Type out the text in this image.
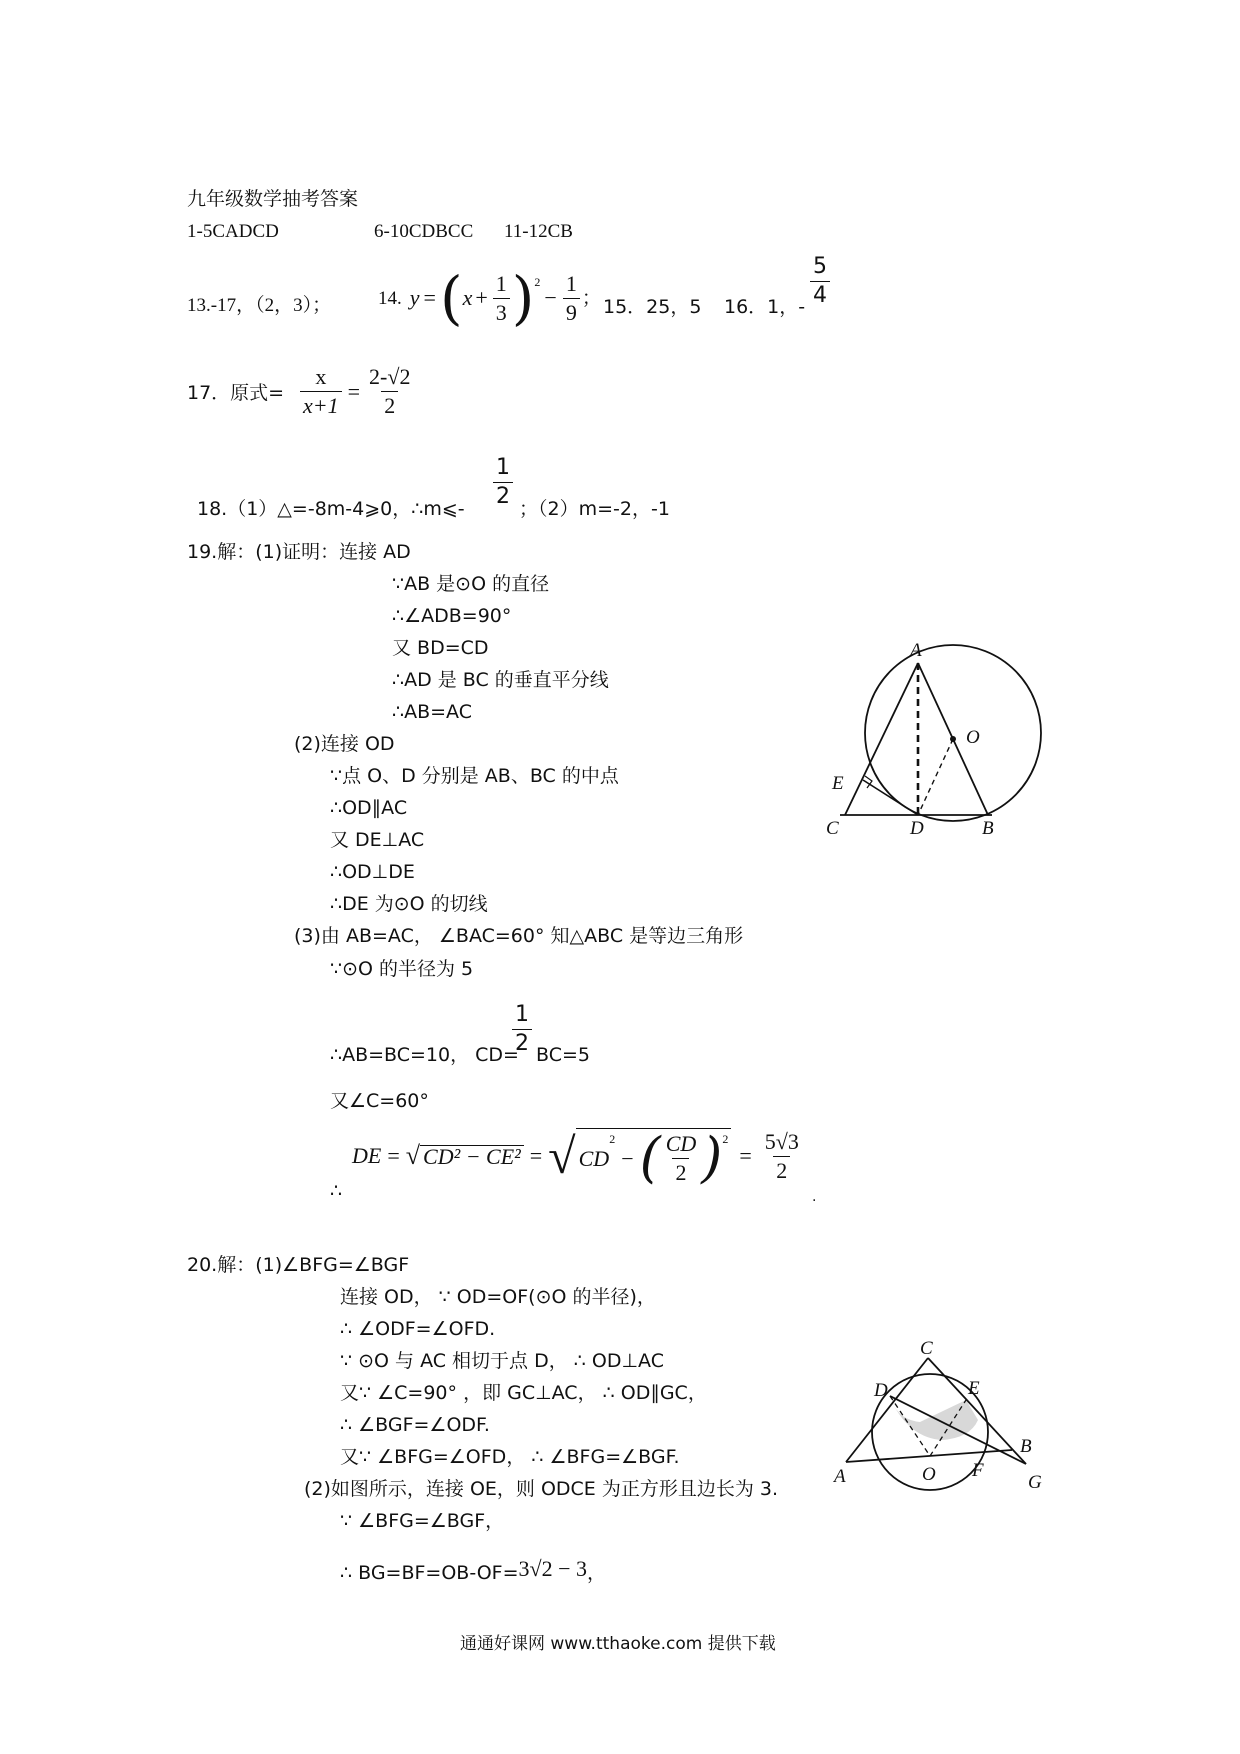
九年级数学抽考答案
1-5CADCD	6-10CDBCC 11-12CB
13.-17，（2，3）； 14. y = ( $x + \frac{1}{3}$ ) 2
− $\frac{1}{9}$ ； 15．25，5 16．1，- $\frac{5}{4}$
17．原式= $\frac{x}{x+1} = \frac{2-√2}{2}$
18.（1）△=-8m-4⩾0，∴m⩽-
$\frac{1}{2}$
；（2）m=-2，-1
19.解：(1)证明：连接 AD
∵AB 是⊙O 的直径
∴∠ADB=90°
又 BD=CD
∴AD 是 BC 的垂直平分线
∴AB=AC
(2)连接 OD
∵点 O、D 分别是 AB、BC 的中点
∴OD∥AC
又 DE⊥AC
∴OD⊥DE
∴DE 为⊙O 的切线
(3)由 AB=AC， ∠BAC=60° 知△ABC 是等边三角形
∵⊙O 的半径为 5
∴AB=BC=10， CD=
$\frac{1}{2} BC=5$
又∠C=60°
∴
DE = √ CD² − CE² = √ CD
2
− ( $\frac{CD}{2}$ ) 2
= $\frac{5√3}{2}$
.
A
O
E
C	D	B
20.解：(1)∠BFG=∠BGF
连接 OD， ∵ OD=OF(⊙O 的半径)，
∴ ∠ODF=∠OFD.
∵ ⊙O 与 AC 相切于点 D， ∴ OD⊥AC
又∵ ∠C=90° ，即 GC⊥AC， ∴ OD∥GC，
∴ ∠BGF=∠ODF.
又∵ ∠BFG=∠OFD， ∴ ∠BFG=∠BGF.
(2)如图所示，连接 OE，则 ODCE 为正方形且边长为 3.
∵ ∠BFG=∠BGF，
∴ BG=BF=OB-OF= 3√2 − 3 ，
C
D	E
B
A	O F
G
通通好课网 www.tthaoke.com 提供下载
